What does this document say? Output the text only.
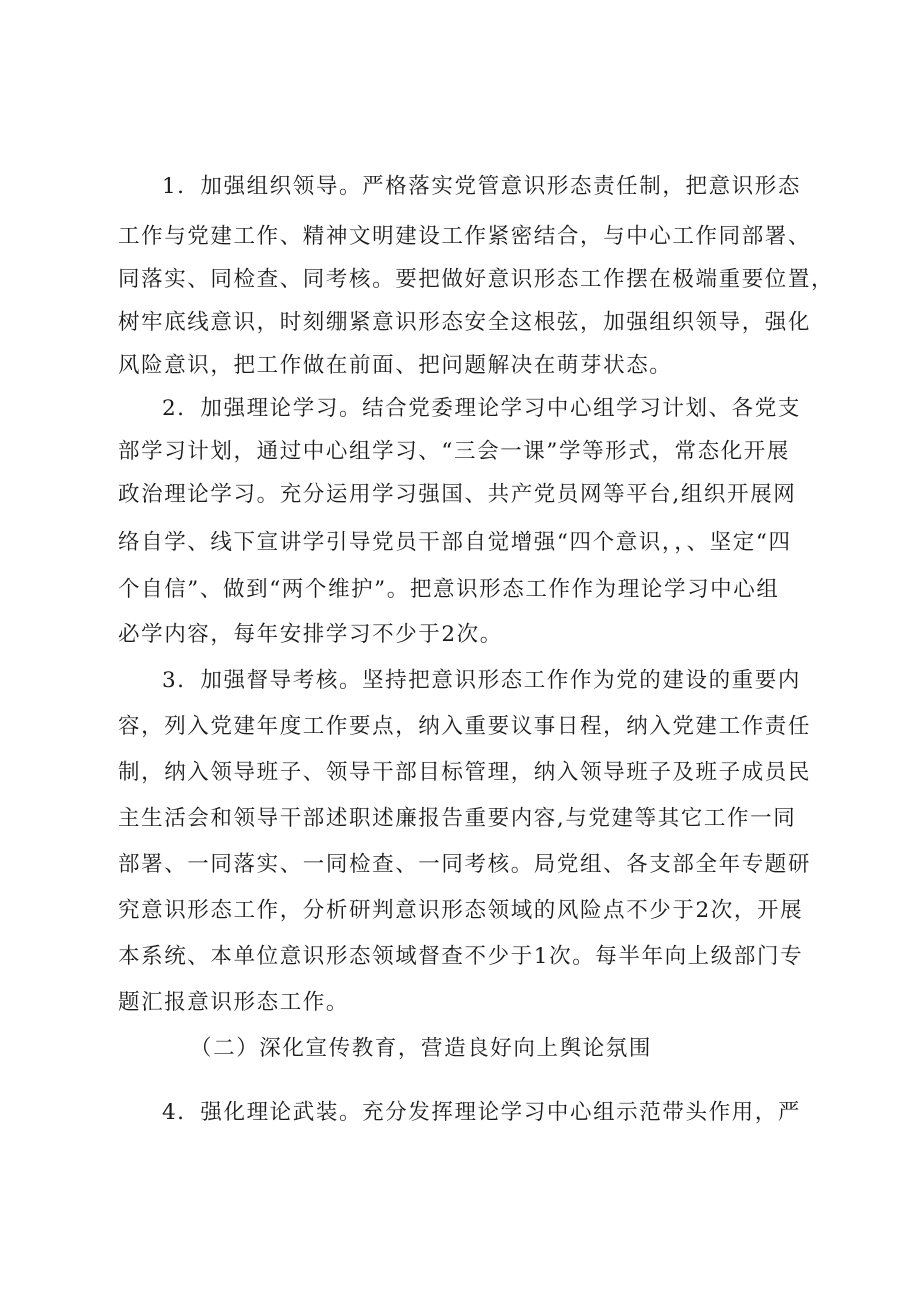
1．加强组织领导。严格落实党管意识形态责任制，把意识形态

工作与党建工作、精神文明建设工作紧密结合，与中心工作同部署、

同落实、同检查、同考核。要把做好意识形态工作摆在极端重要位置，

树牢底线意识，时刻绷紧意识形态安全这根弦，加强组织领导，强化

风险意识，把工作做在前面、把问题解决在萌芽状态。

2．加强理论学习。结合党委理论学习中心组学习计划、各党支

部学习计划，通过中心组学习、“三会一课”学等形式，常态化开展

政治理论学习。充分运用学习强国、共产党员网等平台,组织开展网

络自学、线下宣讲学引导党员干部自觉增强“四个意识，，、坚定“四

个自信”、做到“两个维护”。把意识形态工作作为理论学习中心组

必学内容，每年安排学习不少于2次。

3．加强督导考核。坚持把意识形态工作作为党的建设的重要内

容，列入党建年度工作要点，纳入重要议事日程，纳入党建工作责任

制，纳入领导班子、领导干部目标管理，纳入领导班子及班子成员民

主生活会和领导干部述职述廉报告重要内容,与党建等其它工作一同

部署、一同落实、一同检查、一同考核。局党组、各支部全年专题研

究意识形态工作，分析研判意识形态领域的风险点不少于2次，开展

本系统、本单位意识形态领域督查不少于1次。每半年向上级部门专

题汇报意识形态工作。

（二）深化宣传教育，营造良好向上舆论氛围

4．强化理论武装。充分发挥理论学习中心组示范带头作用，严
